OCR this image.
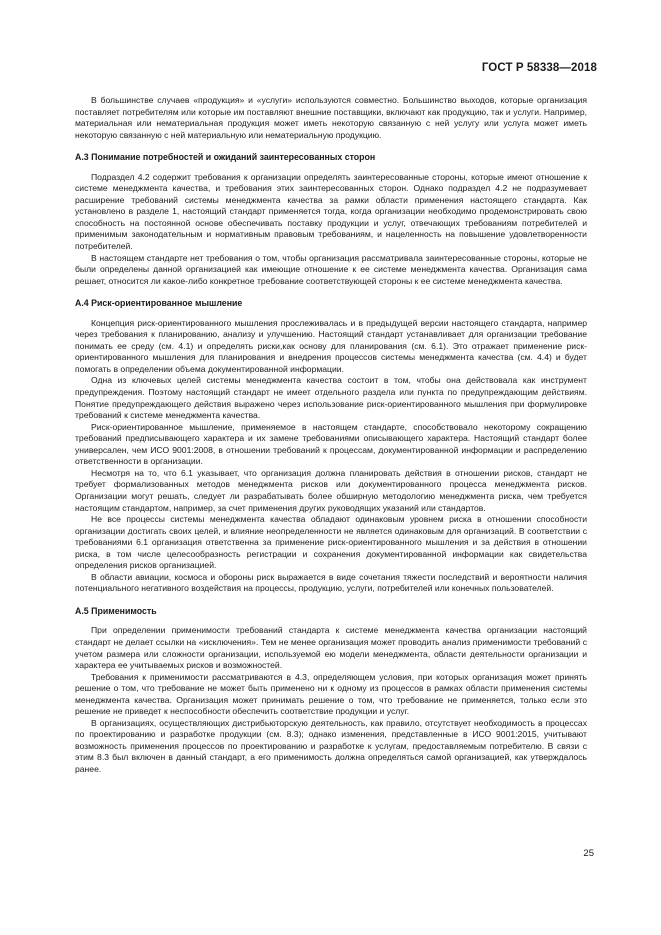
ГОСТ Р 58338—2018

В большинстве случаев «продукция» и «услуги» используются совместно. Большинство выходов, которые организация поставляет потребителям или которые им поставляют внешние поставщики, включают как продукцию, так и услуги. Например, материальная или нематериальная продукция может иметь некоторую связанную с ней услугу или услуга может иметь некоторую связанную с ней материальную или нематериальную продукцию.

А.3 Понимание потребностей и ожиданий заинтересованных сторон

Подраздел 4.2 содержит требования к организации определять заинтересованные стороны, которые имеют отношение к системе менеджмента качества, и требования этих заинтересованных сторон. Однако подраздел 4.2 не подразумевает расширение требований системы менеджмента качества за рамки области применения настоящего стандарта. Как установлено в разделе 1, настоящий стандарт применяется тогда, когда организации необходимо продемонстрировать свою способность на постоянной основе обеспечивать поставку продукции и услуг, отвечающих требованиям потребителей и применимым законодательным и нормативным правовым требованиям, и нацеленность на повышение удовлетворенности потребителей.

В настоящем стандарте нет требования о том, чтобы организация рассматривала заинтересованные стороны, которые не были определены данной организацией как имеющие отношение к ее системе менеджмента качества. Организация сама решает, относится ли какое-либо конкретное требование соответствующей стороны к ее системе менеджмента качества.

А.4 Риск-ориентированное мышление

Концепция риск-ориентированного мышления прослеживалась и в предыдущей версии настоящего стандарта, например через требования к планированию, анализу и улучшению. Настоящий стандарт устанавливает для организации требование понимать ее среду (см. 4.1) и определять риски,как основу для планирования (см. 6.1). Это отражает применение риск-ориентированного мышления для планирования и внедрения процессов системы менеджмента качества (см. 4.4) и будет помогать в определении объема документированной информации.

Одна из ключевых целей системы менеджмента качества состоит в том, чтобы она действовала как инструмент предупреждения. Поэтому настоящий стандарт не имеет отдельного раздела или пункта по предупреждающим действиям. Понятие предупреждающего действия выражено через использование риск-ориентированного мышления при формулировке требований к системе менеджмента качества.

Риск-ориентированное мышление, применяемое в настоящем стандарте, способствовало некоторому сокращению требований предписывающего характера и их замене требованиями описывающего характера. Настоящий стандарт более универсален, чем ИСО 9001:2008, в отношении требований к процессам, документированной информации и распределению ответственности в организации.

Несмотря на то, что 6.1 указывает, что организация должна планировать действия в отношении рисков, стандарт не требует формализованных методов менеджмента рисков или документированного процесса менеджмента рисков. Организации могут решать, следует ли разрабатывать более обширную методологию менеджмента риска, чем требуется настоящим стандартом, например, за счет применения других руководящих указаний или стандартов.

Не все процессы системы менеджмента качества обладают одинаковым уровнем риска в отношении способности организации достигать своих целей, и влияние неопределенности не является одинаковым для организаций. В соответствии с требованиями 6.1 организация ответственна за применение риск-ориентированного мышления и за действия в отношении риска, в том числе целесообразность регистрации и сохранения документированной информации как свидетельства определения рисков организацией.

В области авиации, космоса и обороны риск выражается в виде сочетания тяжести последствий и вероятности наличия потенциального негативного воздействия на процессы, продукцию, услуги, потребителей или конечных пользователей.

А.5 Применимость

При определении применимости требований стандарта к системе менеджмента качества организации настоящий стандарт не делает ссылки на «исключения». Тем не менее организация может проводить анализ применимости требований с учетом размера или сложности организации, используемой ею модели менеджмента, области деятельности организации и характера ее учитываемых рисков и возможностей.

Требования к применимости рассматриваются в 4.3, определяющем условия, при которых организация может принять решение о том, что требование не может быть применено ни к одному из процессов в рамках области применения системы менеджмента качества. Организация может принимать решение о том, что требование не применяется, только если это решение не приведет к неспособности обеспечить соответствие продукции и услуг.

В организациях, осуществляющих дистрибьюторскую деятельность, как правило, отсутствует необходимость в процессах по проектированию и разработке продукции (см. 8.3); однако изменения, представленные в ИСО 9001:2015, учитывают возможность применения процессов по проектированию и разработке к услугам, предоставляемым потребителю. В связи с этим 8.3 был включен в данный стандарт, а его применимость должна определяться самой организацией, как утверждалось ранее.

25
